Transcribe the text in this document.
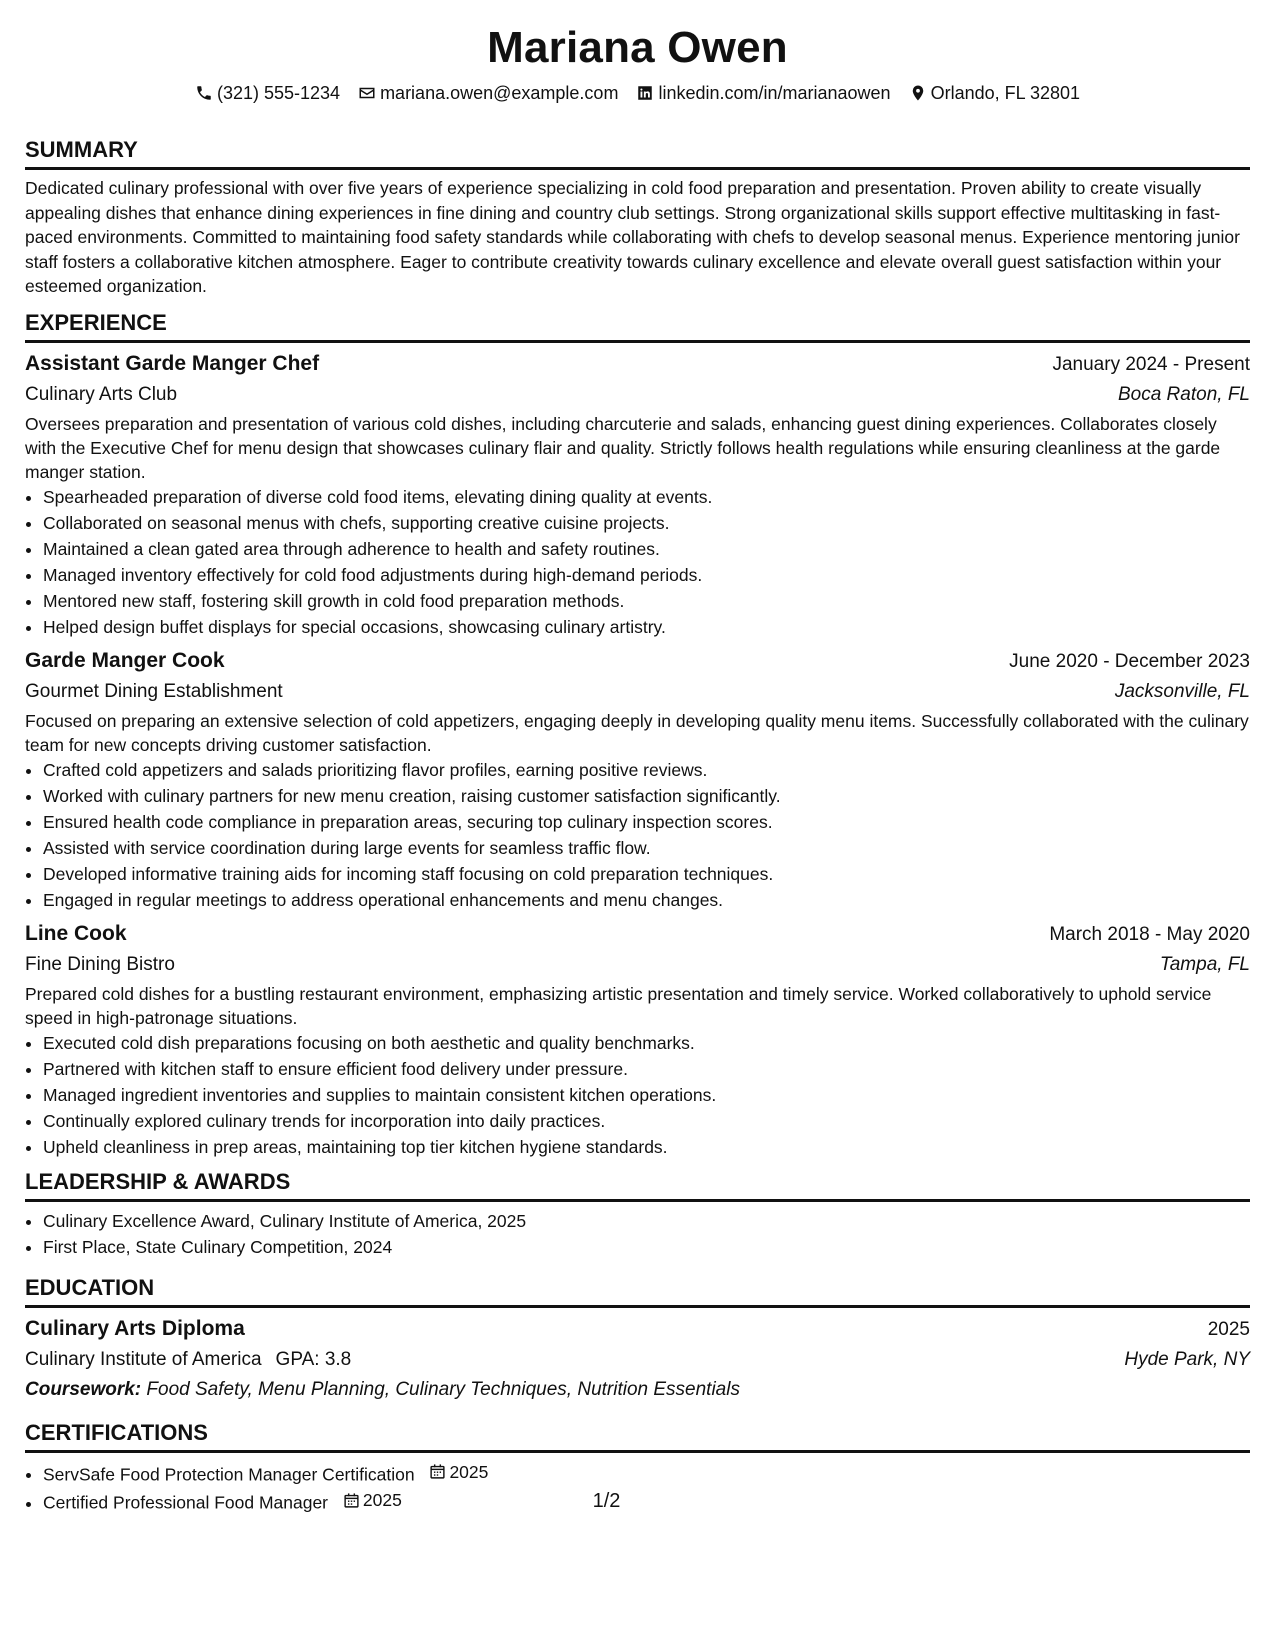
Mariana Owen
(321) 555-1234 mariana.owen@example.com linkedin.com/in/marianaowen Orlando, FL 32801
SUMMARY
Dedicated culinary professional with over five years of experience specializing in cold food preparation and presentation. Proven ability to create visually appealing dishes that enhance dining experiences in fine dining and country club settings. Strong organizational skills support effective multitasking in fast-paced environments. Committed to maintaining food safety standards while collaborating with chefs to develop seasonal menus. Experience mentoring junior staff fosters a collaborative kitchen atmosphere. Eager to contribute creativity towards culinary excellence and elevate overall guest satisfaction within your esteemed organization.
EXPERIENCE
Assistant Garde Manger Chef	January 2024 - Present
Culinary Arts Club	Boca Raton, FL
Oversees preparation and presentation of various cold dishes, including charcuterie and salads, enhancing guest dining experiences. Collaborates closely with the Executive Chef for menu design that showcases culinary flair and quality. Strictly follows health regulations while ensuring cleanliness at the garde manger station.
• Spearheaded preparation of diverse cold food items, elevating dining quality at events.
• Collaborated on seasonal menus with chefs, supporting creative cuisine projects.
• Maintained a clean gated area through adherence to health and safety routines.
• Managed inventory effectively for cold food adjustments during high-demand periods.
• Mentored new staff, fostering skill growth in cold food preparation methods.
• Helped design buffet displays for special occasions, showcasing culinary artistry.
Garde Manger Cook	June 2020 - December 2023
Gourmet Dining Establishment	Jacksonville, FL
Focused on preparing an extensive selection of cold appetizers, engaging deeply in developing quality menu items. Successfully collaborated with the culinary team for new concepts driving customer satisfaction.
• Crafted cold appetizers and salads prioritizing flavor profiles, earning positive reviews.
• Worked with culinary partners for new menu creation, raising customer satisfaction significantly.
• Ensured health code compliance in preparation areas, securing top culinary inspection scores.
• Assisted with service coordination during large events for seamless traffic flow.
• Developed informative training aids for incoming staff focusing on cold preparation techniques.
• Engaged in regular meetings to address operational enhancements and menu changes.
Line Cook	March 2018 - May 2020
Fine Dining Bistro	Tampa, FL
Prepared cold dishes for a bustling restaurant environment, emphasizing artistic presentation and timely service. Worked collaboratively to uphold service speed in high-patronage situations.
• Executed cold dish preparations focusing on both aesthetic and quality benchmarks.
• Partnered with kitchen staff to ensure efficient food delivery under pressure.
• Managed ingredient inventories and supplies to maintain consistent kitchen operations.
• Continually explored culinary trends for incorporation into daily practices.
• Upheld cleanliness in prep areas, maintaining top tier kitchen hygiene standards.
LEADERSHIP & AWARDS
• Culinary Excellence Award, Culinary Institute of America, 2025
• First Place, State Culinary Competition, 2024
EDUCATION
Culinary Arts Diploma	2025
Culinary Institute of America GPA: 3.8	Hyde Park, NY
Coursework: Food Safety, Menu Planning, Culinary Techniques, Nutrition Essentials
CERTIFICATIONS
• ServSafe Food Protection Manager Certification 2025
• Certified Professional Food Manager 2025	1/2
